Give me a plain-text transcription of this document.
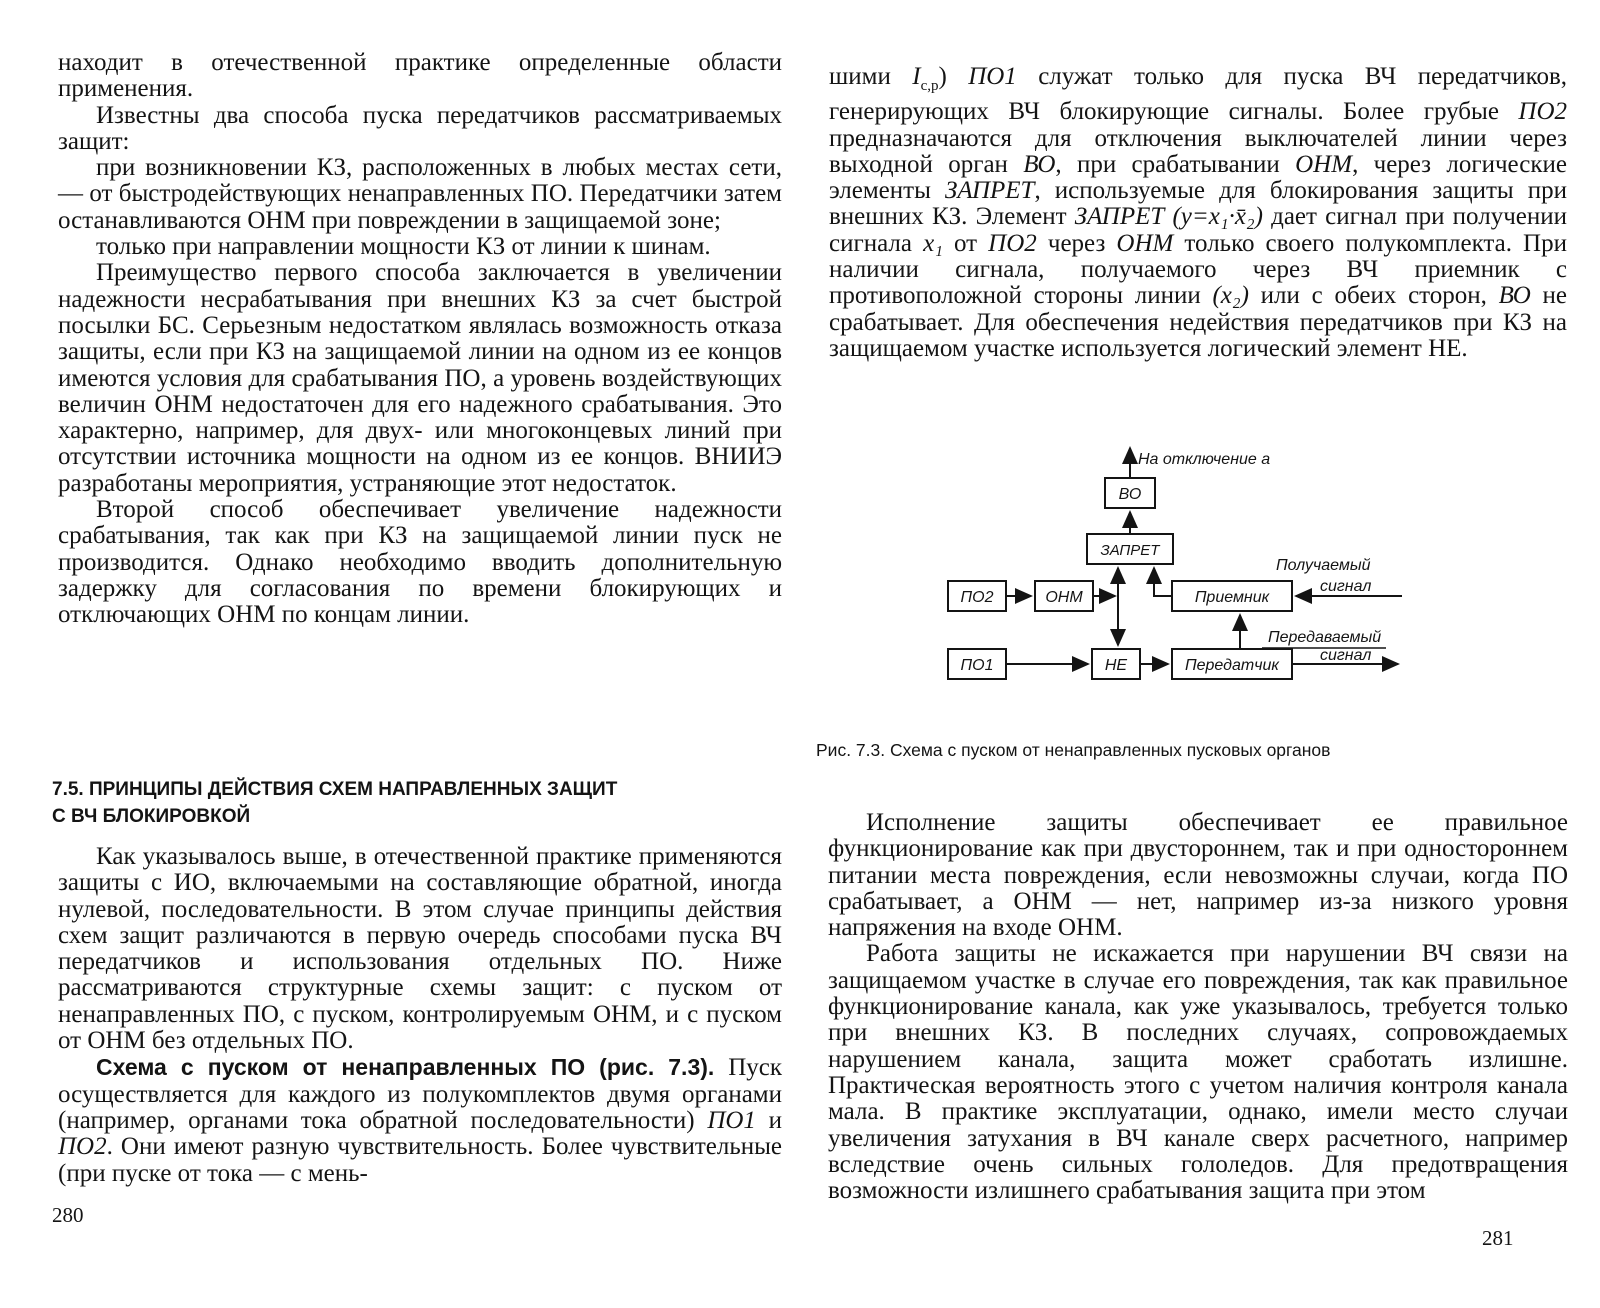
находит в отечественной практике определенные области применения.

Известны два способа пуска передатчиков рассматриваемых защит:

при возникновении КЗ, расположенных в любых местах сети, — от быстродействующих ненаправленных ПО. Передатчики затем останавливаются ОНМ при повреждении в защищаемой зоне;

только при направлении мощности КЗ от линии к шинам.

Преимущество первого способа заключается в увеличении надежности несрабатывания при внешних КЗ за счет быстрой посылки БС. Серьезным недостатком являлась возможность отказа защиты, если при КЗ на защищаемой линии на одном из ее концов имеются условия для срабатывания ПО, а уровень воздействующих величин ОНМ недостаточен для его надежного срабатывания. Это характерно, например, для двух- или многоконцевых линий при отсутствии источника мощности на одном из ее концов. ВНИИЭ разработаны мероприятия, устраняющие этот недостаток.

Второй способ обеспечивает увеличение надежности срабатывания, так как при КЗ на защищаемой линии пуск не производится. Однако необходимо вводить дополнительную задержку для согласования по времени блокирующих и отключающих ОНМ по концам линии.

7.5. ПРИНЦИПЫ ДЕЙСТВИЯ СХЕМ НАПРАВЛЕННЫХ ЗАЩИТ
С ВЧ БЛОКИРОВКОЙ

Как указывалось выше, в отечественной практике применяются защиты с ИО, включаемыми на составляющие обратной, иногда нулевой, последовательности. В этом случае принципы действия схем защит различаются в первую очередь способами пуска ВЧ передатчиков и использования отдельных ПО. Ниже рассматриваются структурные схемы защит: с пуском от ненаправленных ПО, с пуском, контролируемым ОНМ, и с пуском от ОНМ без отдельных ПО.

Схема с пуском от ненаправленных ПО (рис. 7.3). Пуск осуществляется для каждого из полукомплектов двумя органами (например, органами тока обратной последовательности) ПО1 и ПО2. Они имеют разную чувствительность. Более чувствительные (при пуске от тока — с мень-

280

шими $I_{с,р}$) ПО1 служат только для пуска ВЧ передатчиков, генерирующих ВЧ блокирующие сигналы. Более грубые ПО2 предназначаются для отключения выключателей линии через выходной орган ВО, при срабатывании ОНМ, через логические элементы ЗАПРЕТ, используемые для блокирования защиты при внешних КЗ. Элемент ЗАПРЕТ (y=x₁·x̄₂) дает сигнал при получении сигнала x₁ от ПО2 через ОНМ только своего полукомплекта. При наличии сигнала, получаемого через ВЧ приемник с противоположной стороны линии (x₂) или с обеих сторон, ВО не срабатывает. Для обеспечения недействия передатчиков при КЗ на защищаемом участке используется логический элемент НЕ.

На отключение a
ВО
ЗАПРЕТ
ПО2	ОНМ	Приемник
Получаемый
сигнал
ПО1	НЕ	Передатчик
Передаваемый
сигнал
Рис. 7.3. Схема с пуском от ненаправленных пусковых органов

Исполнение защиты обеспечивает ее правильное функционирование как при двустороннем, так и при одностороннем питании места повреждения, если невозможны случаи, когда ПО срабатывает, а ОНМ — нет, например из-за низкого уровня напряжения на входе ОНМ.

Работа защиты не искажается при нарушении ВЧ связи на защищаемом участке в случае его повреждения, так как правильное функционирование канала, как уже указывалось, требуется только при внешних КЗ. В последних случаях, сопровождаемых нарушением канала, защита может сработать излишне. Практическая вероятность этого с учетом наличия контроля канала мала. В практике эксплуатации, однако, имели место случаи увеличения затухания в ВЧ канале сверх расчетного, например вследствие очень сильных гололедов. Для предотвращения возможности излишнего срабатывания защита при этом

281
